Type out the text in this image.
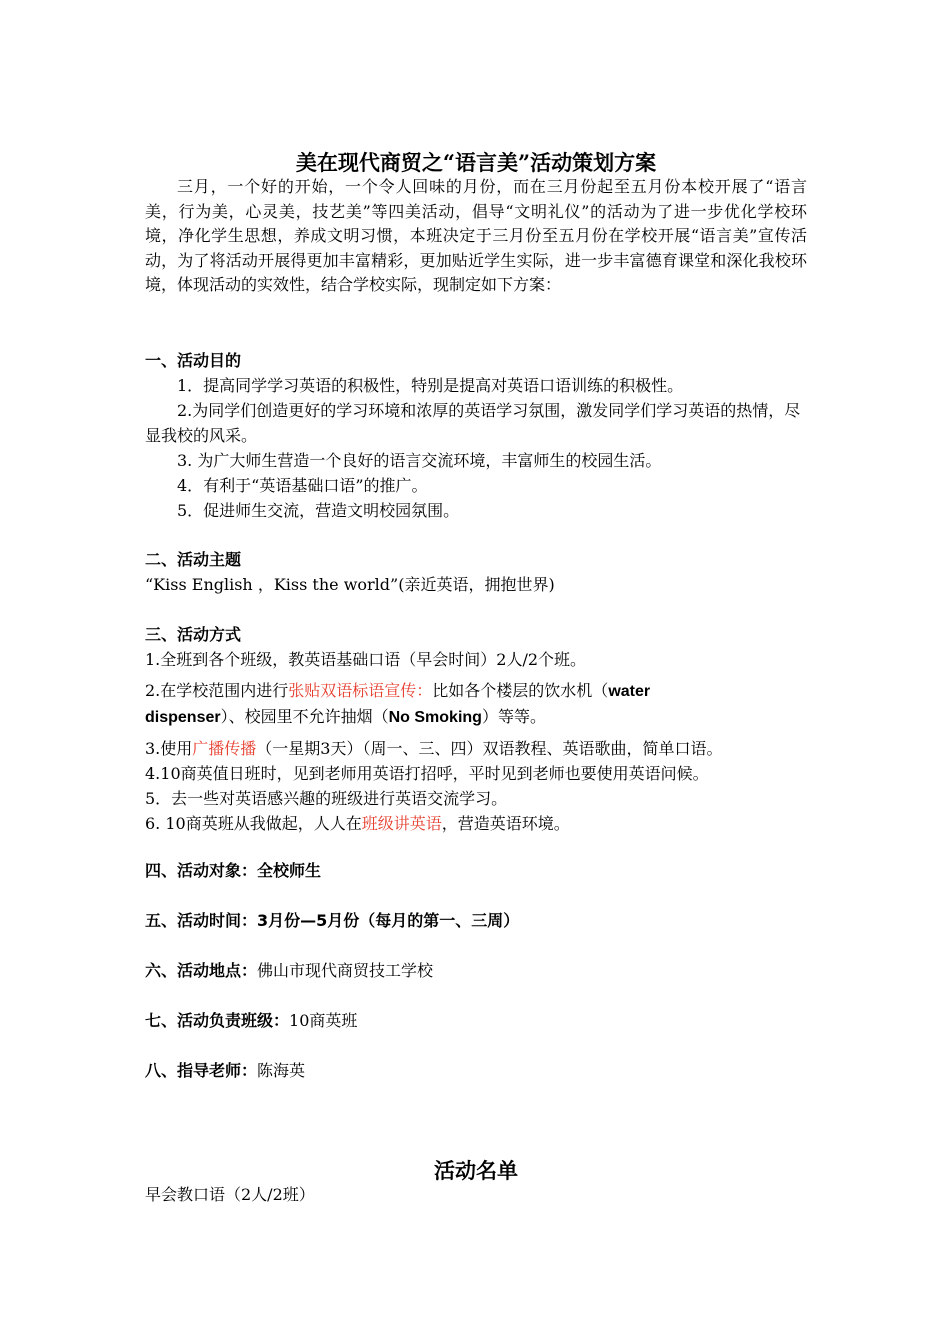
美在现代商贸之“语言美”活动策划方案
三月，一个好的开始，一个令人回味的月份，而在三月份起至五月份本校开展了“语言美，行为美，心灵美，技艺美”等四美活动，倡导“文明礼仪”的活动为了进一步优化学校环境，净化学生思想，养成文明习惯，本班决定于三月份至五月份在学校开展“语言美”宣传活动，为了将活动开展得更加丰富精彩，更加贴近学生实际，进一步丰富德育课堂和深化我校环境，体现活动的实效性，结合学校实际，现制定如下方案：
一、活动目的
1．提高同学学习英语的积极性，特别是提高对英语口语训练的积极性。
2.为同学们创造更好的学习环境和浓厚的英语学习氛围，激发同学们学习英语的热情，尽显我校的风采。
3. 为广大师生营造一个良好的语言交流环境，丰富师生的校园生活。
4．有利于“英语基础口语”的推广。
5．促进师生交流，营造文明校园氛围。
二、活动主题
“Kiss English ，Kiss the world”(亲近英语，拥抱世界)
三、活动方式
1.全班到各个班级，教英语基础口语（早会时间）2人/2个班。
2.在学校范围内进行张贴双语标语宣传：比如各个楼层的饮水机（water
dispenser）、校园里不允许抽烟（No Smoking）等等。
3.使用广播传播（一星期3天）（周一、三、四）双语教程、英语歌曲，简单口语。
4.10商英值日班时，见到老师用英语打招呼，平时见到老师也要使用英语问候。
5．去一些对英语感兴趣的班级进行英语交流学习。
6. 10商英班从我做起，人人在班级讲英语，营造英语环境。
四、活动对象：全校师生
五、活动时间：3月份—5月份（每月的第一、三周）
六、活动地点：佛山市现代商贸技工学校
七、活动负责班级：10商英班
八、指导老师：陈海英
活动名单
早会教口语（2人/2班）
